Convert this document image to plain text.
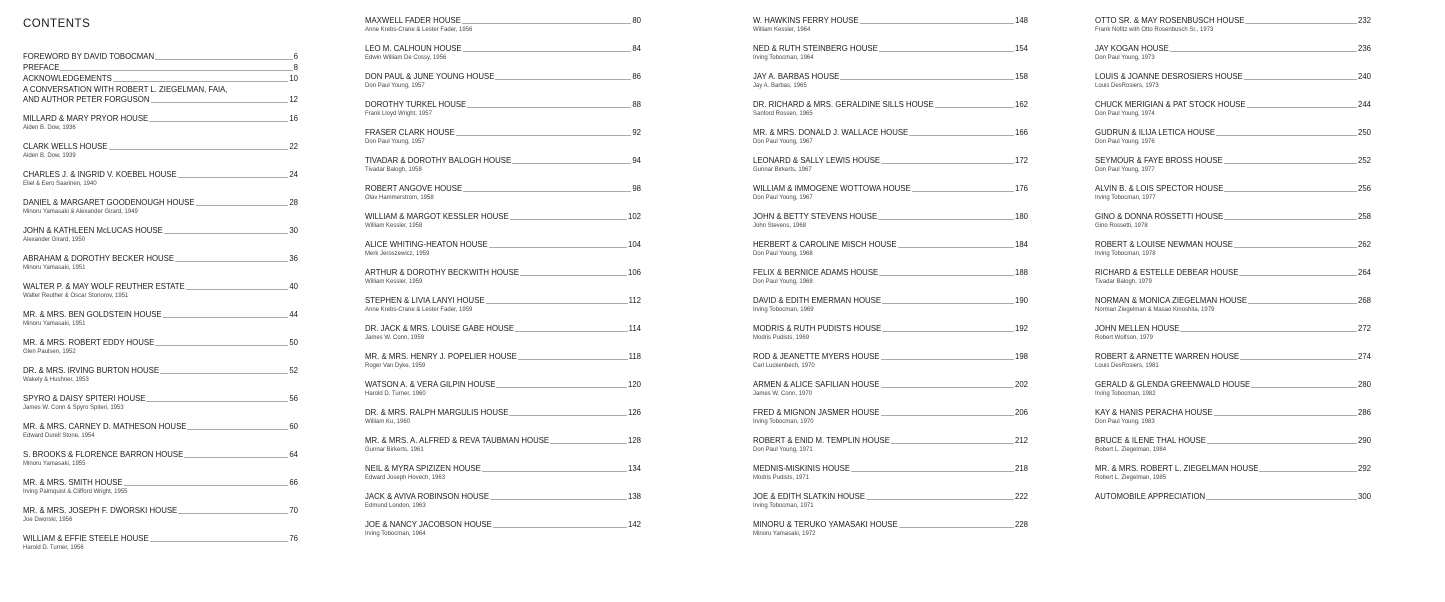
CONTENTS
FOREWORD BY DAVID TOBOCMAN	6
PREFACE	8
ACKNOWLEDGEMENTS	10
A CONVERSATION WITH ROBERT L. ZIEGELMAN, FAIA,
AND AUTHOR PETER FORGUSON	12
MILLARD & MARY PRYOR HOUSE	16
Alden B. Dow, 1936
CLARK WELLS HOUSE	22
Alden B. Dow, 1939
CHARLES J. & INGRID V. KOEBEL HOUSE	24
Eliel & Eero Saarinen, 1940
DANIEL & MARGARET GOODENOUGH HOUSE	28
Minoru Yamasaki & Alexander Girard, 1949
JOHN & KATHLEEN McLUCAS HOUSE	30
Alexander Girard, 1950
ABRAHAM & DOROTHY BECKER HOUSE	36
Minoru Yamasaki, 1951
WALTER P. & MAY WOLF REUTHER ESTATE	40
Walter Reuther & Oscar Stonorov, 1951
MR. & MRS. BEN GOLDSTEIN HOUSE	44
Minoru Yamasaki, 1951
MR. & MRS. ROBERT EDDY HOUSE	50
Glen Paulsen, 1952
DR. & MRS. IRVING BURTON HOUSE	52
Wakely & Hushner, 1953
SPYRO & DAISY SPITERI HOUSE	56
James W. Conn & Spyro Spiteri, 1953
MR. & MRS. CARNEY D. MATHESON HOUSE	60
Edward Durell Stone, 1954
S. BROOKS & FLORENCE BARRON HOUSE	64
Minoru Yamasaki, 1955
MR. & MRS. SMITH HOUSE	66
Irving Palmquist & Clifford Wright, 1955
MR. & MRS. JOSEPH F. DWORSKI HOUSE	70
Joe Dworski, 1956
WILLIAM & EFFIE STEELE HOUSE	76
Harold D. Turner, 1956
MAXWELL FADER HOUSE	80
Anne Krebs-Crane & Lester Fader, 1956
LEO M. CALHOUN HOUSE	84
Edwin William De Cossy, 1956
DON PAUL & JUNE YOUNG HOUSE	86
Don Paul Young, 1957
DOROTHY TURKEL HOUSE	88
Frank Lloyd Wright, 1957
FRASER CLARK HOUSE	92
Don Paul Young, 1957
TIVADAR & DOROTHY BALOGH HOUSE	94
Tivadar Balogh, 1958
ROBERT ANGOVE HOUSE	98
Olav Hammerstrom, 1958
WILLIAM & MARGOT KESSLER HOUSE	102
William Kessler, 1958
ALICE WHITING-HEATON HOUSE	104
Merk Jeroszewicz, 1959
ARTHUR & DOROTHY BECKWITH HOUSE	106
William Kessler, 1959
STEPHEN & LIVIA LANYI HOUSE	112
Anne Krebs-Crane & Lester Fader, 1959
DR. JACK & MRS. LOUISE GABE HOUSE	114
James W. Conn, 1959
MR. & MRS. HENRY J. POPELIER HOUSE	118
Roger Van Dyke, 1959
WATSON A. & VERA GILPIN HOUSE	120
Harold D. Turner, 1960
DR. & MRS. RALPH MARGULIS HOUSE	126
William Ku, 1960
MR. & MRS. A. ALFRED & REVA TAUBMAN HOUSE	128
Gunnar Birkerts, 1961
NEIL & MYRA SPIZIZEN HOUSE	134
Edward Joseph Hovech, 1963
JACK & AVIVA ROBINSON HOUSE	138
Edmund London, 1963
JOE & NANCY JACOBSON HOUSE	142
Irving Tobocman, 1964
W. HAWKINS FERRY HOUSE	148
William Kessler, 1964
NED & RUTH STEINBERG HOUSE	154
Irving Tobocman, 1964
JAY A. BARBAS HOUSE	158
Jay A. Barbas, 1965
DR. RICHARD & MRS. GERALDINE SILLS HOUSE	162
Sanford Rossen, 1965
MR. & MRS. DONALD J. WALLACE HOUSE	166
Don Paul Young, 1967
LEONARD & SALLY LEWIS HOUSE	172
Gunnar Birkerts, 1967
WILLIAM & IMMOGENE WOTTOWA HOUSE	176
Don Paul Young, 1967
JOHN & BETTY STEVENS HOUSE	180
John Stevens, 1968
HERBERT & CAROLINE MISCH HOUSE	184
Don Paul Young, 1968
FELIX & BERNICE ADAMS HOUSE	188
Don Paul Young, 1968
DAVID & EDITH EMERMAN HOUSE	190
Irving Tobocman, 1969
MODRIS & RUTH PUDISTS HOUSE	192
Modris Pudists, 1969
ROD & JEANETTE MYERS HOUSE	198
Carl Luckenbech, 1970
ARMEN & ALICE SAFILIAN HOUSE	202
James W. Conn, 1970
FRED & MIGNON JASMER HOUSE	206
Irving Tobocman, 1970
ROBERT & ENID M. TEMPLIN HOUSE	212
Don Paul Young, 1971
MEDNIS-MISKINIS HOUSE	218
Modris Pudists, 1971
JOE & EDITH SLATKIN HOUSE	222
Irving Tobocman, 1971
MINORU & TERUKO YAMASAKI HOUSE	228
Minoru Yamasaki, 1972
OTTO SR. & MAY ROSENBUSCH HOUSE	232
Frank Nofitz with Otto Rosenbusch Sr., 1973
JAY KOGAN HOUSE	236
Don Paul Young, 1973
LOUIS & JOANNE DESROSIERS HOUSE	240
Louis DesRosiers, 1973
CHUCK MERIGIAN & PAT STOCK HOUSE	244
Don Paul Young, 1974
GUDRUN & ILIJA LETICA HOUSE	250
Don Paul Young, 1976
SEYMOUR & FAYE BROSS HOUSE	252
Don Paul Young, 1977
ALVIN B. & LOIS SPECTOR HOUSE	256
Irving Tobocman, 1977
GINO & DONNA ROSSETTI HOUSE	258
Gino Rossetti, 1978
ROBERT & LOUISE NEWMAN HOUSE	262
Irving Tobocman, 1978
RICHARD & ESTELLE DEBEAR HOUSE	264
Tivadar Balogh, 1979
NORMAN & MONICA ZIEGELMAN HOUSE	268
Norman Ziegelman & Masao Kinoshita, 1979
JOHN MELLEN HOUSE	272
Robert Wolfson, 1979
ROBERT & ARNETTE WARREN HOUSE	274
Louis DesRosiers, 1981
GERALD & GLENDA GREENWALD HOUSE	280
Irving Tobocman, 1982
KAY & HANIS PERACHA HOUSE	286
Don Paul Young, 1983
BRUCE & ILENE THAL HOUSE	290
Robert L. Ziegelman, 1984
MR. & MRS. ROBERT L. ZIEGELMAN HOUSE	292
Robert L. Ziegelman, 1985
AUTOMOBILE APPRECIATION	300
